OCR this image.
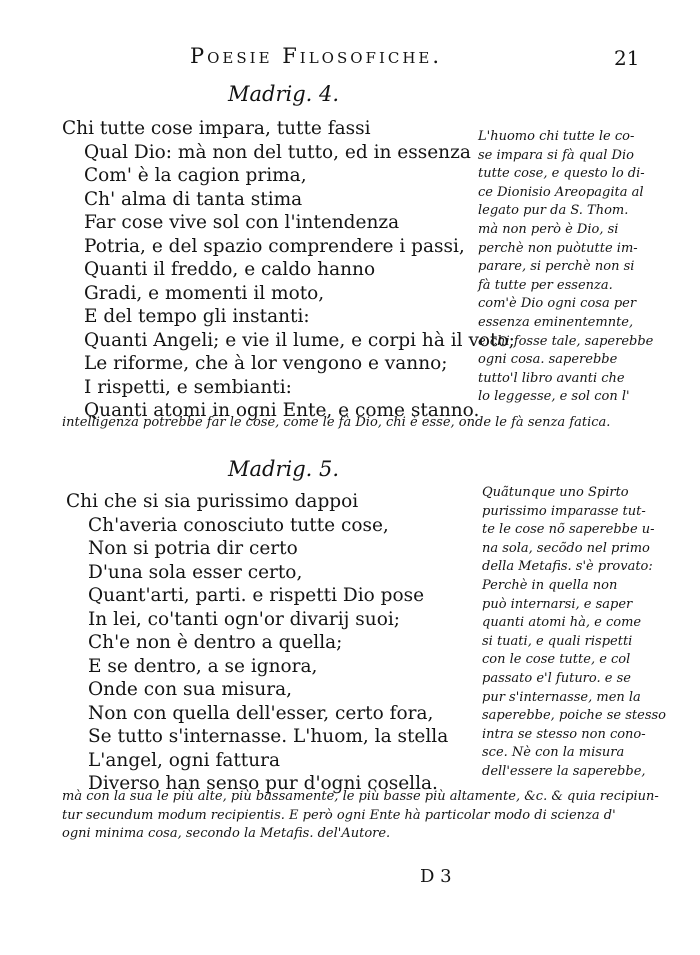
Poesie Filosofiche.	21
Madrig. 4.
Chi tutte cose impara, tutte fassi
Qual Dio: mà non del tutto, ed in essenza
Com' è la cagion prima,
Ch' alma di tanta stima
Far cose vive sol con l'intendenza
Potria, e del spazio comprendere i passi,
Quanti il freddo, e caldo hanno
Gradi, e momenti il moto,
E del tempo gli instanti:
Quanti Angeli; e vie il lume, e corpi hà il voto;
Le riforme, che à lor vengono e vanno;
I rispetti, e sembianti:
Quanti atomi in ogni Ente, e come stanno.
L'huomo chi tutte le co-
se impara si fà qual Dio
tutte cose, e questo lo di-
ce Dionisio Areopagita al
legato pur da S. Thom.
mà non però è Dio, si
perchè non puòtutte im-
parare, si perchè non si
fà tutte per essenza.
com'è Dio ogni cosa per
essenza eminentemnte,
e chi fosse tale, saperebbe
ogni cosa. saperebbe
tutto'l libro avanti che
lo leggesse, e sol con l'
intelligenza potrebbe far le cose, come le fà Dio, chi è esse, onde le fà senza fatica.
Madrig. 5.
Chi che si sia purissimo dappoi
Ch'averia conosciuto tutte cose,
Non si potria dir certo
D'una sola esser certo,
Quant'arti, parti. e rispetti Dio pose
In lei, co'tanti ogn'or divarij suoi;
Ch'e non è dentro a quella;
E se dentro, a se ignora,
Onde con sua misura,
Non con quella dell'esser, certo fora,
Se tutto s'internasse. L'huom, la stella
L'angel, ogni fattura
Diverso han senso pur d'ogni cosella.
Quãtunque uno Spirto
purissimo imparasse tut-
te le cose nõ saperebbe u-
na sola, secõdo nel primo
della Metafis. s'è provato:
Perchè in quella non
può internarsi, e saper
quanti atomi hà, e come
si tuati, e quali rispetti
con le cose tutte, e col
passato e'l futuro. e se
pur s'internasse, men la
saperebbe, poiche se stesso
intra se stesso non cono-
sce. Nè con la misura
dell'essere la saperebbe,
mà con la sua le più alte, più bassamente, le più basse più altamente, &c. & quia recipiun-
tur secundum modum recipientis. E però ogni Ente hà particolar modo di scienza d'
ogni minima cosa, secondo la Metafis. del'Autore.
D 3
